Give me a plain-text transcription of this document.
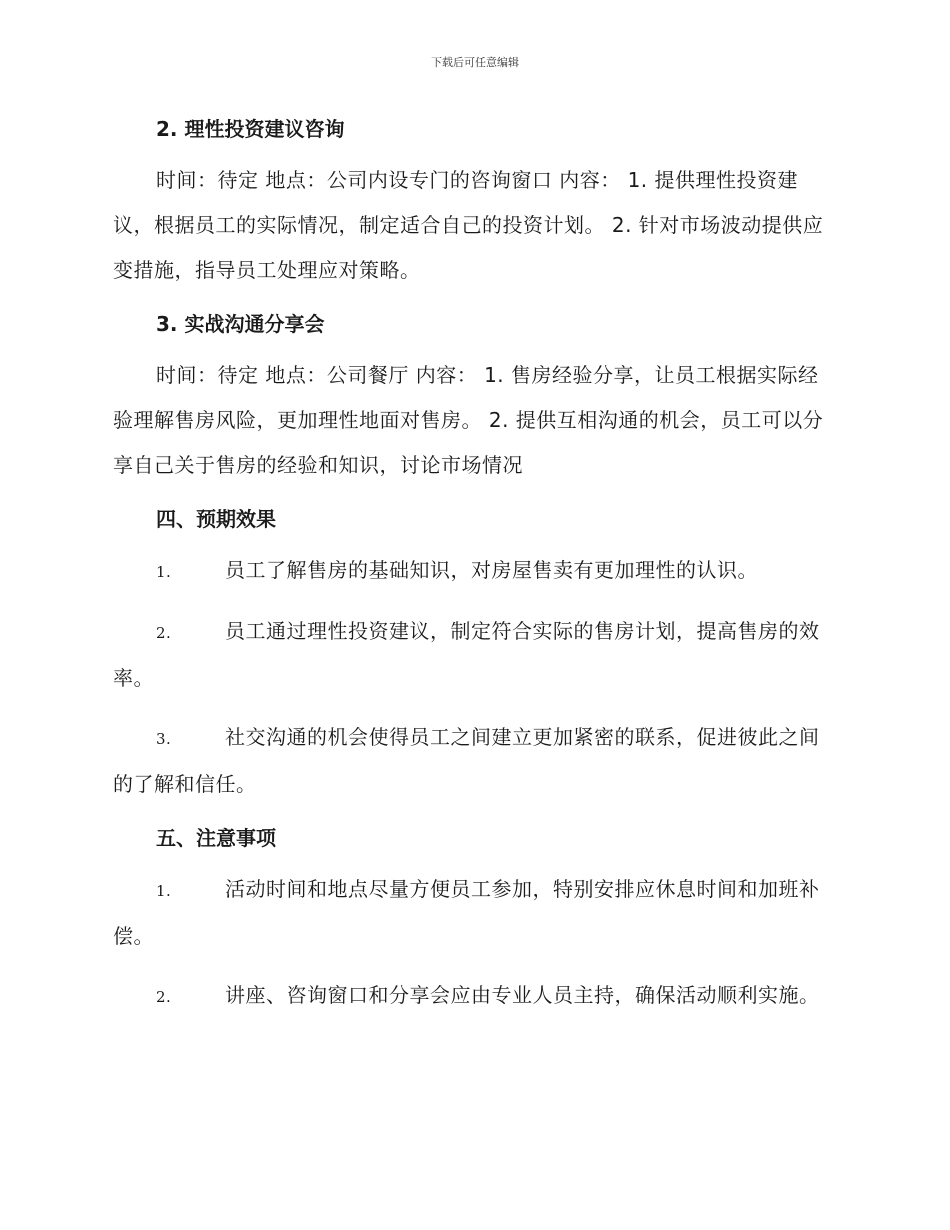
下载后可任意编辑
2. 理性投资建议咨询

时间：待定 地点：公司内设专门的咨询窗口 内容： 1. 提供理性投资建议，根据员工的实际情况，制定适合自己的投资计划。 2. 针对市场波动提供应变措施，指导员工处理应对策略。

3. 实战沟通分享会

时间：待定 地点：公司餐厅 内容： 1. 售房经验分享，让员工根据实际经验理解售房风险，更加理性地面对售房。 2. 提供互相沟通的机会，员工可以分享自己关于售房的经验和知识，讨论市场情况

四、预期效果

1.	员工了解售房的基础知识，对房屋售卖有更加理性的认识。

2.	员工通过理性投资建议，制定符合实际的售房计划，提高售房的效率。

3.	社交沟通的机会使得员工之间建立更加紧密的联系，促进彼此之间的了解和信任。

五、注意事项

1.	活动时间和地点尽量方便员工参加，特别安排应休息时间和加班补偿。

2.	讲座、咨询窗口和分享会应由专业人员主持，确保活动顺利实施。
